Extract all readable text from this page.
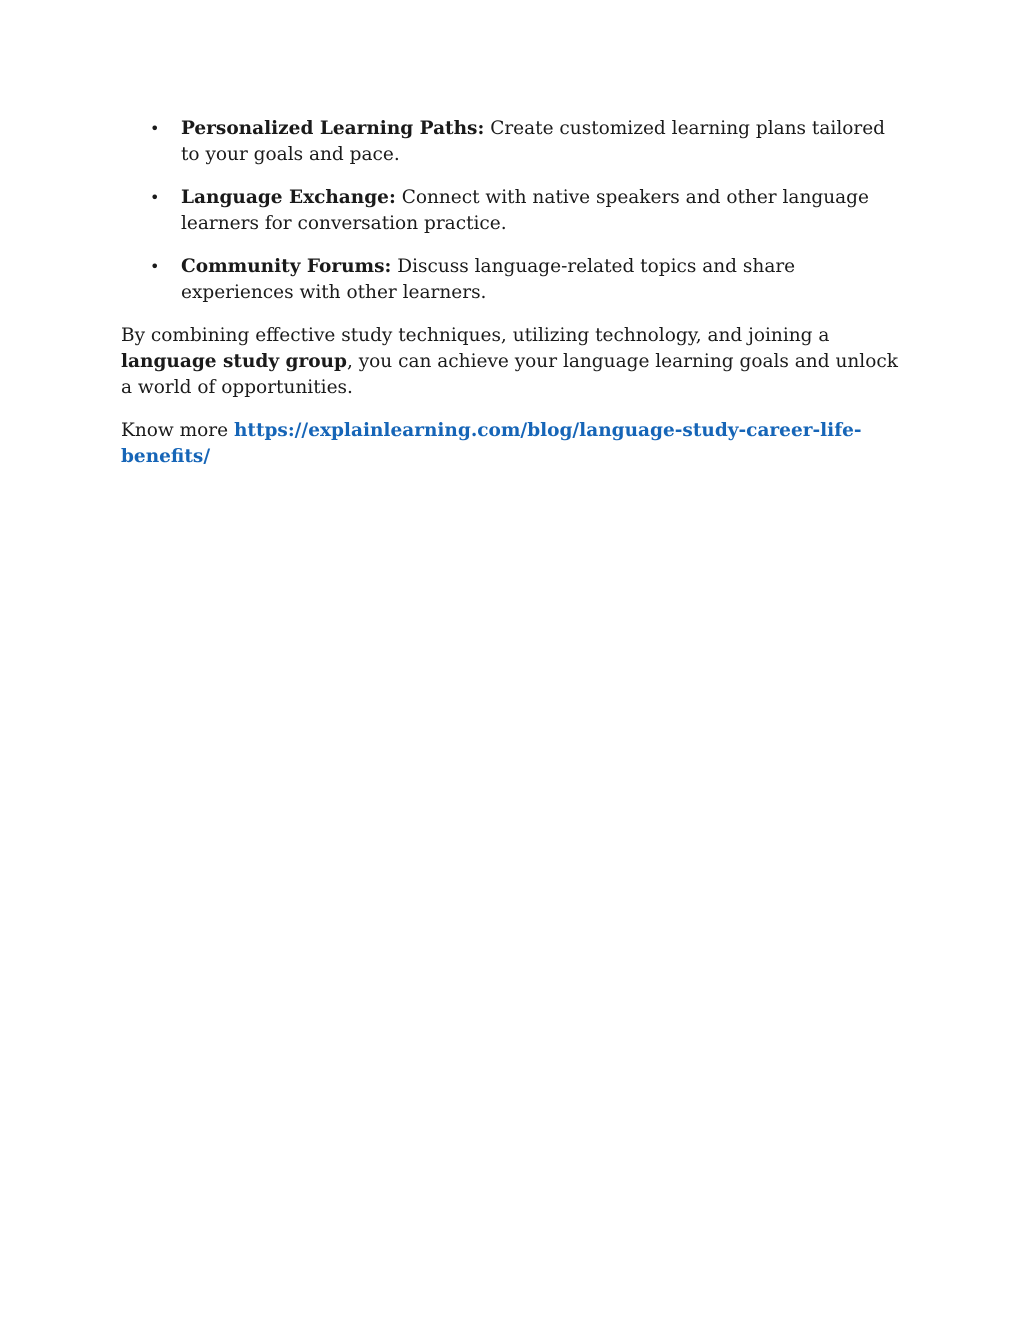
• Personalized Learning Paths: Create customized learning plans tailored to your goals and pace.
• Language Exchange: Connect with native speakers and other language learners for conversation practice.
• Community Forums: Discuss language-related topics and share experiences with other learners.

By combining effective study techniques, utilizing technology, and joining a language study group, you can achieve your language learning goals and unlock a world of opportunities.

Know more https://explainlearning.com/blog/language-study-career-life-benefits/
